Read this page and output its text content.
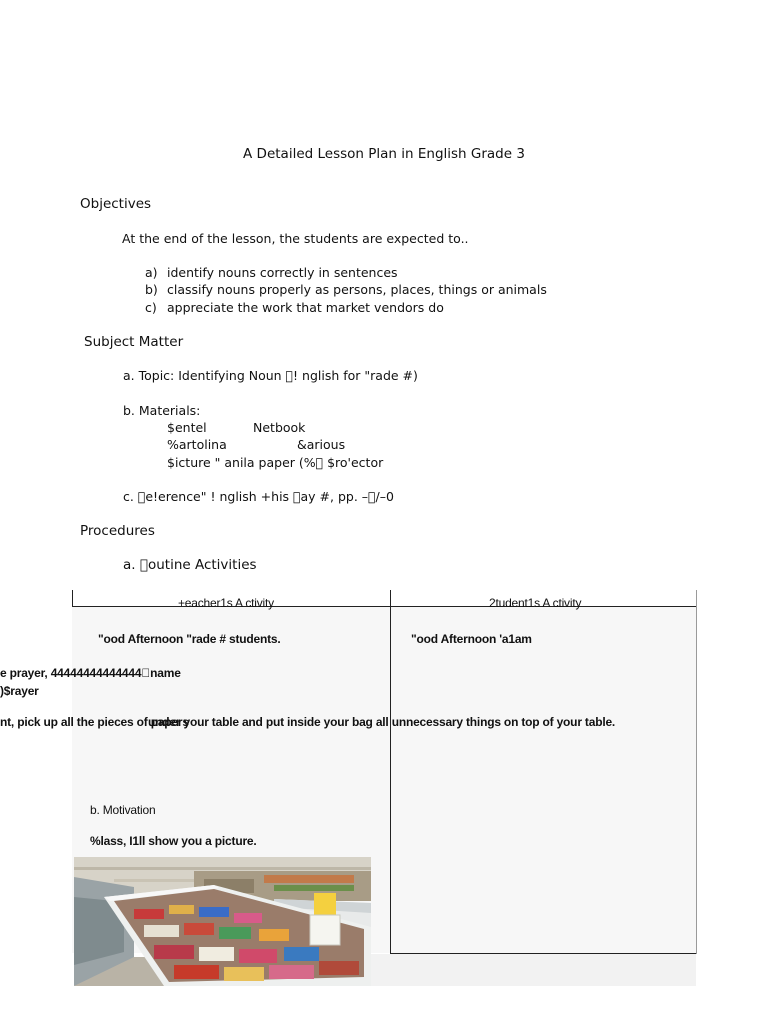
A Detailed Lesson Plan in English Grade 3
Objectives
At the end of the lesson, the students are expected to..
a) identify nouns correctly in sentences
b) classify nouns properly as persons, places, things or animals
c) appreciate the work that market vendors do
Subject Matter
a. Topic: Identifying Noun ! nglish for "rade #)
b. Materials:
$entel	Netbook
%artolina	&arious
$icture " anila paper (% $ro'ector
c. e!erence" ! nglish +his ay #, pp. – /–0
Procedures
a. outine Activities
+eacher1s A ctivity	2tudent1s A ctivity
"ood Afternoon "rade # students.	"ood Afternoon 'a1am
e prayer, 44444444444444 name
)$rayer
nt, pick up all the pieces of papers
under your table and put inside your bag all unnecessary things on top of your table.
b. Motivation
%lass, I1ll show you a picture.
